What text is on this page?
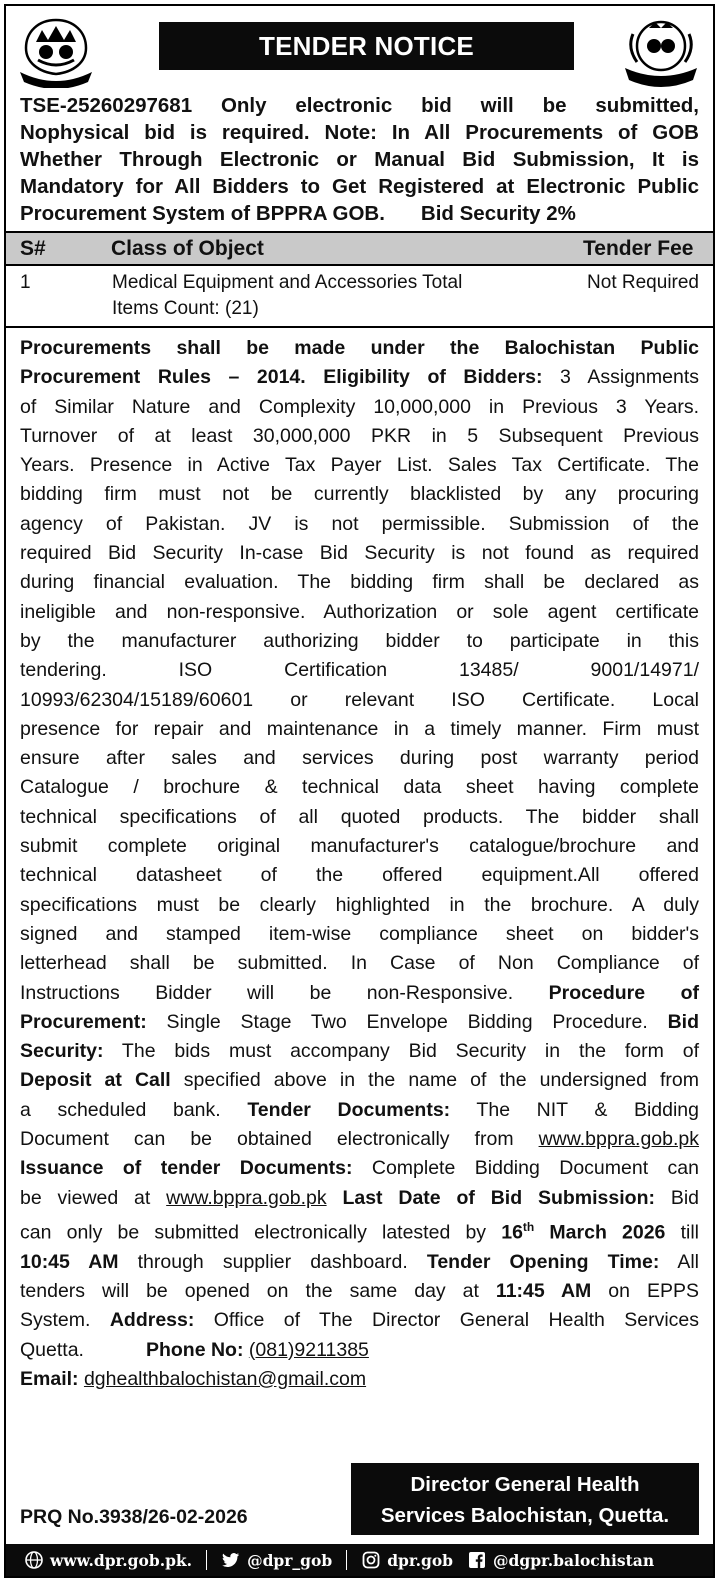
TENDER NOTICE
TSE-25260297681 Only electronic bid will be submitted,
Nophysical bid is required. Note: In All Procurements of GOB
Whether Through Electronic or Manual Bid Submission, It is
Mandatory for All Bidders to Get Registered at Electronic Public
Procurement System of BPPRA GOB. Bid Security 2%
S#	Class of Object	Tender Fee
1	Medical Equipment and Accessories Total
Items Count: (21)	Not Required

Procurements shall be made under the Balochistan Public

Procurement Rules – 2014. Eligibility of Bidders: 3 Assignments

of Similar Nature and Complexity 10,000,000 in Previous 3 Years.

Turnover of at least 30,000,000 PKR in 5 Subsequent Previous

Years. Presence in Active Tax Payer List. Sales Tax Certificate. The

bidding firm must not be currently blacklisted by any procuring

agency of Pakistan. JV is not permissible. Submission of the

required Bid Security In-case Bid Security is not found as required

during financial evaluation. The bidding firm shall be declared as

ineligible and non-responsive. Authorization or sole agent certificate

by the manufacturer authorizing bidder to participate in this

tendering. ISO Certification 13485/ 9001/14971/

10993/62304/15189/60601 or relevant ISO Certificate. Local

presence for repair and maintenance in a timely manner. Firm must

ensure after sales and services during post warranty period

Catalogue / brochure & technical data sheet having complete

technical specifications of all quoted products. The bidder shall

submit complete original manufacturer's catalogue/brochure and

technical datasheet of the offered equipment.All offered

specifications must be clearly highlighted in the brochure. A duly

signed and stamped item-wise compliance sheet on bidder's

letterhead shall be submitted. In Case of Non Compliance of

Instructions Bidder will be non-Responsive. Procedure of

Procurement: Single Stage Two Envelope Bidding Procedure. Bid

Security: The bids must accompany Bid Security in the form of

Deposit at Call specified above in the name of the undersigned from

a scheduled bank. Tender Documents: The NIT & Bidding

Document can be obtained electronically from www.bppra.gob.pk

Issuance of tender Documents: Complete Bidding Document can

be viewed at www.bppra.gob.pk Last Date of Bid Submission: Bid

can only be submitted electronically latested by 16th March 2026 till

10:45 AM through supplier dashboard. Tender Opening Time: All

tenders will be opened on the same day at 11:45 AM on EPPS

System. Address: Office of The Director General Health Services

Quetta.	Phone No: (081)9211385

Email: dghealthbalochistan@gmail.com

Director General Health
Services Balochistan, Quetta.
PRQ No.3938/26-02-2026
www.dpr.gob.pk.	@dpr_gob	dpr.gob	@dgpr.balochistan
